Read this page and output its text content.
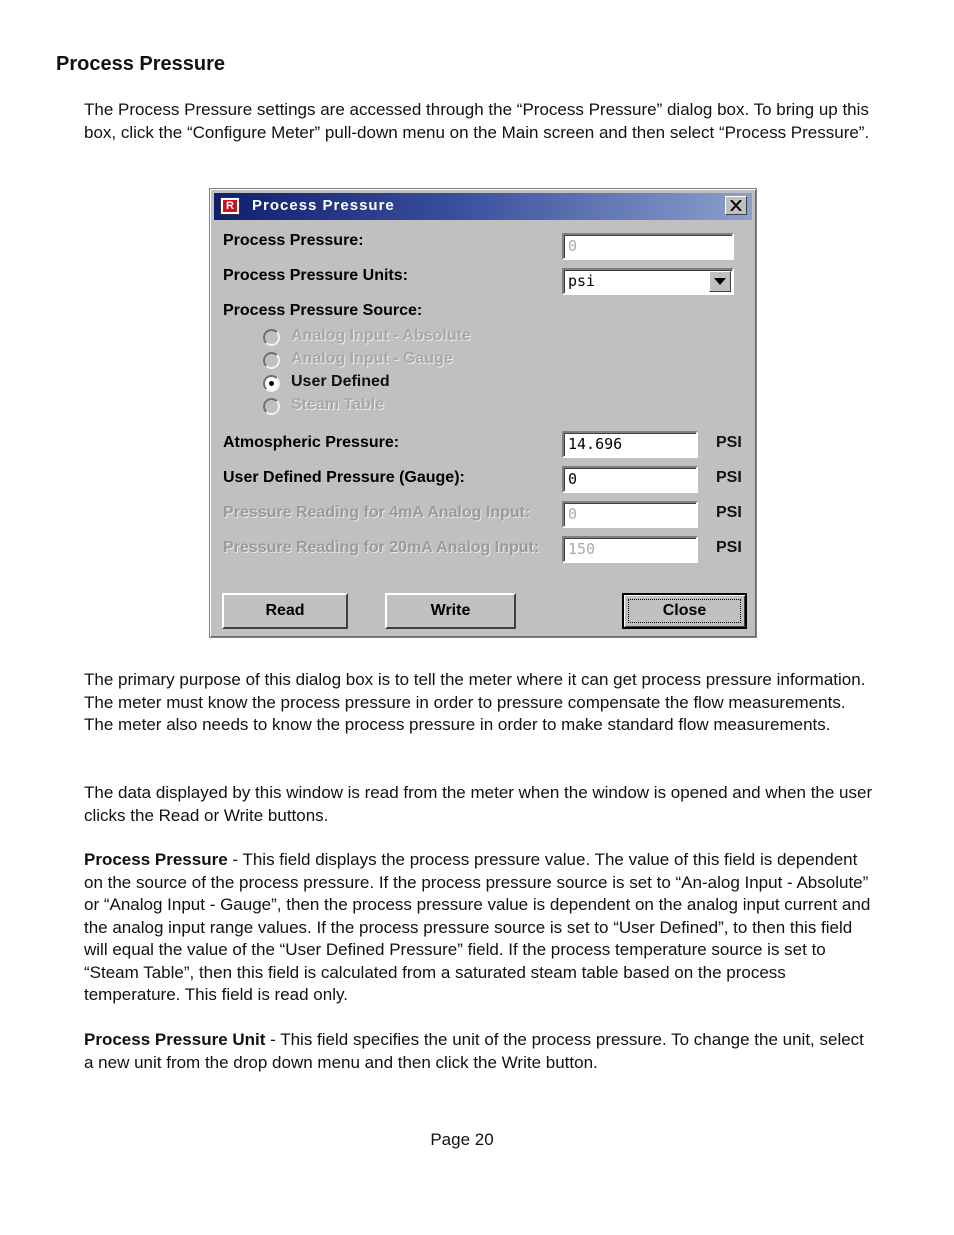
Process Pressure

The Process Pressure settings are accessed through the “Process Pressure” dialog box. To bring up this box, click the “Configure Meter” pull-down menu on the Main screen and then select “Process Pressure”.

R Process Pressure
Process Pressure:	0
Process Pressure Units:	psi
Process Pressure Source:
Analog Input - Absolute
Analog Input - Gauge
User Defined
Steam Table
Atmospheric Pressure:	14.696	PSI
User Defined Pressure (Gauge):	0	PSI
Pressure Reading for 4mA Analog Input:	0	PSI
Pressure Reading for 20mA Analog Input:	150	PSI
Read	Write	Close

The primary purpose of this dialog box is to tell the meter where it can get process pressure information. The meter must know the process pressure in order to pressure compensate the flow measurements. The meter also needs to know the process pressure in order to make standard flow measurements.

The data displayed by this window is read from the meter when the window is opened and when the user clicks the Read or Write buttons.

Process Pressure - This field displays the process pressure value. The value of this field is dependent on the source of the process pressure. If the process pressure source is set to “An-alog Input - Absolute” or “Analog Input - Gauge”, then the process pressure value is dependent on the analog input current and the analog input range values. If the process pressure source is set to “User Defined”, to then this field will equal the value of the “User Defined Pressure” field. If the process temperature source is set to “Steam Table”, then this field is calculated from a saturated steam table based on the process temperature. This field is read only.

Process Pressure Unit - This field specifies the unit of the process pressure. To change the unit, select a new unit from the drop down menu and then click the Write button.

Page 20
